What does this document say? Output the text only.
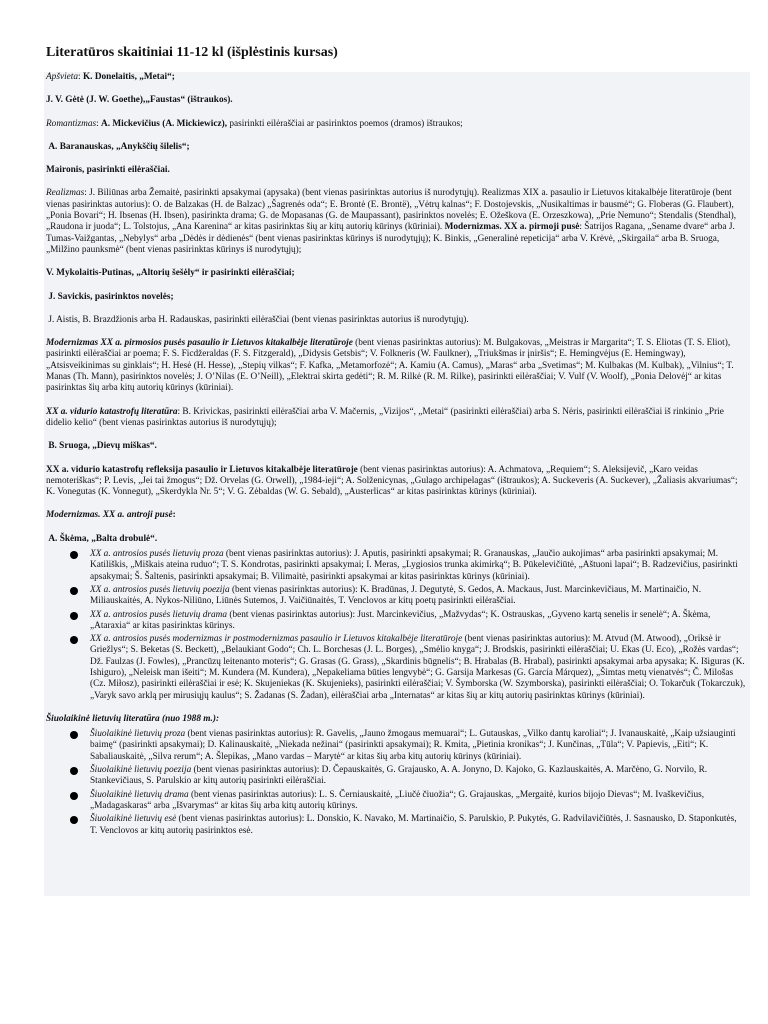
Literatūros skaitiniai 11-12 kl (išplėstinis kursas)

Apšvieta: K. Donelaitis, „Metai“;

J. V. Gėtė (J. W. Goethe),„Faustas“ (ištraukos).

Romantizmas: A. Mickevičius (A. Mickiewicz), pasirinkti eilėraščiai ar pasirinktos poemos (dramos) ištraukos;

A. Baranauskas, „Anykščių šilelis“;

Maironis, pasirinkti eilėraščiai.

Realizmas: J. Biliūnas arba Žemaitė, pasirinkti apsakymai (apysaka) (bent vienas pasirinktas autorius iš nurodytųjų). Realizmas XIX a. pasaulio ir Lietuvos kitakalbėje literatūroje (bent vienas pasirinktas autorius): O. de Balzakas (H. de Balzac) „Šagrenės oda“; E. Brontė (E. Brontë), „Vėtrų kalnas“; F. Dostojevskis, „Nusikaltimas ir bausmė“; G. Floberas (G. Flaubert), „Ponia Bovari“; H. Ibsenas (H. Ibsen), pasirinkta drama; G. de Mopasanas (G. de Maupassant), pasirinktos novelės; E. Ožeškova (E. Orzeszkowa), „Prie Nemuno“; Stendalis (Stendhal), „Raudona ir juoda“; L. Tolstojus, „Ana Karenina“ ar kitas pasirinktas šių ar kitų autorių kūrinys (kūriniai). Modernizmas. XX a. pirmoji pusė: Šatrijos Ragana, „Sename dvare“ arba J. Tumas-Vaižgantas, „Nebylys“ arba „Dėdės ir dėdienės“ (bent vienas pasirinktas kūrinys iš nurodytųjų); K. Binkis, „Generalinė repeticija“ arba V. Krėvė, „Skirgaila“ arba B. Sruoga, „Milžino paunksmė“ (bent vienas pasirinktas kūrinys iš nurodytųjų);

V. Mykolaitis-Putinas, „Altorių šešėly“ ir pasirinkti eilėraščiai;

J. Savickis, pasirinktos novelės;

J. Aistis, B. Brazdžionis arba H. Radauskas, pasirinkti eilėraščiai (bent vienas pasirinktas autorius iš nurodytųjų).

Modernizmas XX a. pirmosios pusės pasaulio ir Lietuvos kitakalbėje literatūroje (bent vienas pasirinktas autorius): M. Bulgakovas, „Meistras ir Margarita“; T. S. Eliotas (T. S. Eliot), pasirinkti eilėraščiai ar poema; F. S. Ficdžeraldas (F. S. Fitzgerald), „Didysis Getsbis“; V. Folkneris (W. Faulkner), „Triukšmas ir įniršis“; E. Hemingvėjus (E. Hemingway), „Atsisveikinimas su ginklais“; H. Hesė (H. Hesse), „Stepių vilkas“; F. Kafka, „Metamorfozė“; A. Kamiu (A. Camus), „Maras“ arba „Svetimas“; M. Kulbakas (M. Kulbak), „Vilnius“; T. Manas (Th. Mann), pasirinktos novelės; J. O’Nilas (E. O’Neill), „Elektrai skirta gedėti“; R. M. Rilkė (R. M. Rilke), pasirinkti eilėraščiai; V. Vulf (V. Woolf), „Ponia Delovėj“ ar kitas pasirinktas šių arba kitų autorių kūrinys (kūriniai).

XX a. vidurio katastrofų literatūra: B. Krivickas, pasirinkti eilėraščiai arba V. Mačernis, „Vizijos“, „Metai“ (pasirinkti eilėraščiai) arba S. Nėris, pasirinkti eilėraščiai iš rinkinio „Prie didelio kelio“ (bent vienas pasirinktas autorius iš nurodytųjų);

B. Sruoga, „Dievų miškas“.

XX a. vidurio katastrofų refleksija pasaulio ir Lietuvos kitakalbėje literatūroje (bent vienas pasirinktas autorius): A. Achmatova, „Requiem“; S. Aleksijevič, „Karo veidas nemoteriškas“; P. Levis, „Jei tai žmogus“; Dž. Orvelas (G. Orwell), „1984-ieji“; A. Solženicynas, „Gulago archipelagas“ (ištraukos); A. Suckeveris (A. Suckever), „Žaliasis akvariumas“; K. Vonegutas (K. Vonnegut), „Skerdykla Nr. 5“; V. G. Zėbaldas (W. G. Sebald), „Austerlicas“ ar kitas pasirinktas kūrinys (kūriniai).

Modernizmas. XX a. antroji pusė:

A. Škėma, „Balta drobulė“.

XX a. antrosios pusės lietuvių proza (bent vienas pasirinktas autorius): J. Aputis, pasirinkti apsakymai; R. Granauskas, „Jaučio aukojimas“ arba pasirinkti apsakymai; M. Katiliškis, „Miškais ateina ruduo“; T. S. Kondrotas, pasirinkti apsakymai; I. Meras, „Lygiosios trunka akimirką“; B. Pūkelevičiūtė, „Aštuoni lapai“; B. Radzevičius, pasirinkti apsakymai; Š. Šaltenis, pasirinkti apsakymai; B. Vilimaitė, pasirinkti apsakymai ar kitas pasirinktas kūrinys (kūriniai).
XX a. antrosios pusės lietuvių poezija (bent vienas pasirinktas autorius): K. Bradūnas, J. Degutytė, S. Gedos, A. Mackaus, Just. Marcinkevičiaus, M. Martinaičio, N. Miliauskaitės, A. Nykos-Niliūno, Liūnės Sutemos, J. Vaičiūnaitės, T. Venclovos ar kitų poetų pasirinkti eilėraščiai.
XX a. antrosios pusės lietuvių drama (bent vienas pasirinktas autorius): Just. Marcinkevičius, „Mažvydas“; K. Ostrauskas, „Gyveno kartą senelis ir senelė“; A. Škėma, „Ataraxia“ ar kitas pasirinktas kūrinys.
XX a. antrosios pusės modernizmas ir postmodernizmas pasaulio ir Lietuvos kitakalbėje literatūroje (bent vienas pasirinktas autorius): M. Atvud (M. Atwood), „Oriksė ir Griežlys“; S. Beketas (S. Beckett), „Belaukiant Godo“; Ch. L. Borchesas (J. L. Borges), „Smėlio knyga“; J. Brodskis, pasirinkti eilėraščiai; U. Ekas (U. Eco), „Rožės vardas“; Dž. Faulzas (J. Fowles), „Prancūzų leitenanto moteris“; G. Grasas (G. Grass), „Skardinis būgnelis“; B. Hrabalas (B. Hrabal), pasirinkti apsakymai arba apysaka; K. Išiguras (K. Ishiguro), „Neleisk man išeiti“; M. Kundera (M. Kundera), „Nepakeliama būties lengvybė“; G. Garsija Markesas (G. García Márquez), „Šimtas metų vienatvės“; Č. Milošas (Cz. Miłosz), pasirinkti eilėraščiai ir esė; K. Skujeniekas (K. Skujenieks), pasirinkti eilėraščiai; V. Šymborska (W. Szymborska), pasirinkti eilėraščiai; O. Tokarčuk (Tokarczuk), „Varyk savo arklą per mirusiųjų kaulus“; S. Žadanas (S. Žadan), eilėraščiai arba „Internatas“ ar kitas šių ar kitų autorių pasirinktas kūrinys (kūriniai).

Šiuolaikinė lietuvių literatūra (nuo 1988 m.):

Šiuolaikinė lietuvių proza (bent vienas pasirinktas autorius): R. Gavelis, „Jauno žmogaus memuarai“; L. Gutauskas, „Vilko dantų karoliai“; J. Ivanauskaitė, „Kaip užsiauginti baimę“ (pasirinkti apsakymai); D. Kalinauskaitė, „Niekada nežinai“ (pasirinkti apsakymai); R. Kmita, „Pietinia kronikas“; J. Kunčinas, „Tūla“; V. Papievis, „Eiti“; K. Sabaliauskaitė, „Silva rerum“; A. Šlepikas, „Mano vardas – Marytė“ ar kitas šių arba kitų autorių kūrinys (kūriniai).
Šiuolaikinė lietuvių poezija (bent vienas pasirinktas autorius): D. Čepauskaitės, G. Grajausko, A. A. Jonyno, D. Kajoko, G. Kazlauskaitės, A. Marčėno, G. Norvilo, R. Stankevičiaus, S. Parulskio ar kitų autorių pasirinkti eilėraščiai.
Šiuolaikinė lietuvių drama (bent vienas pasirinktas autorius): L. S. Černiauskaitė, „Liučė čiuožia“; G. Grajauskas, „Mergaitė, kurios bijojo Dievas“; M. Ivaškevičius, „Madagaskaras“ arba „Išvarymas“ ar kitas šių arba kitų autorių kūrinys.
Šiuolaikinė lietuvių esė (bent vienas pasirinktas autorius): L. Donskio, K. Navako, M. Martinaičio, S. Parulskio, P. Pukytės, G. Radvilavičiūtės, J. Sasnausko, D. Staponkutės, T. Venclovos ar kitų autorių pasirinktos esė.
